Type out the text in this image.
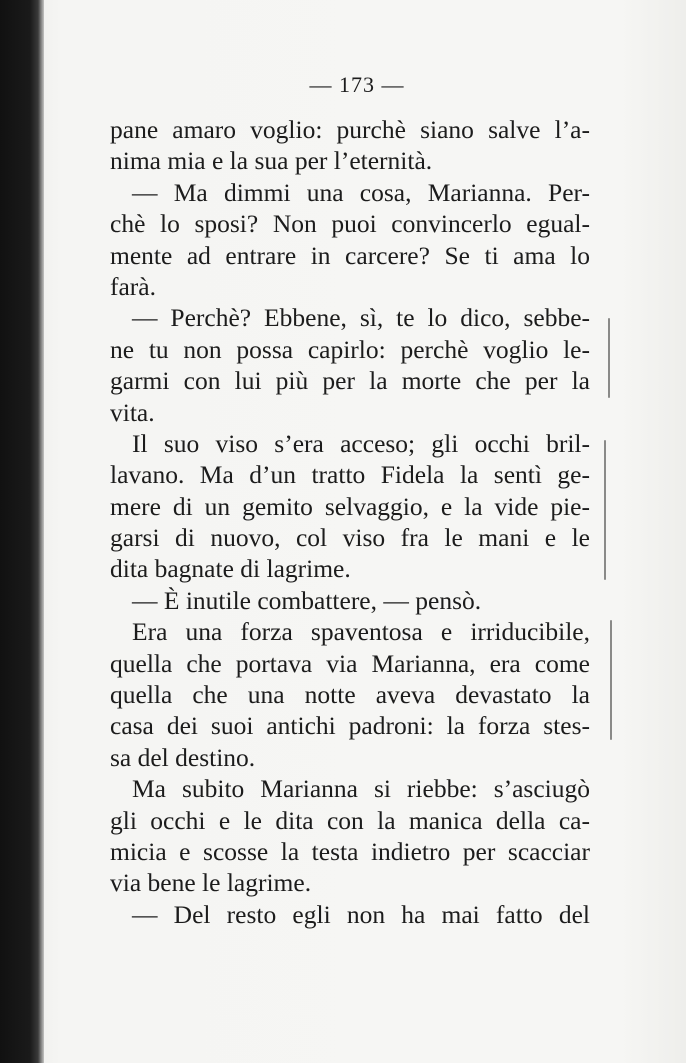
— 173 —
pane amaro voglio: purchè siano salve l’a-
nima mia e la sua per l’eternità.
— Ma dimmi una cosa, Marianna. Per-
chè lo sposi? Non puoi convincerlo egual-
mente ad entrare in carcere? Se ti ama lo
farà.
— Perchè? Ebbene, sì, te lo dico, sebbe-
ne tu non possa capirlo: perchè voglio le-
garmi con lui più per la morte che per la
vita.
Il suo viso s’era acceso; gli occhi bril-
lavano. Ma d’un tratto Fidela la sentì ge-
mere di un gemito selvaggio, e la vide pie-
garsi di nuovo, col viso fra le mani e le
dita bagnate di lagrime.
— È inutile combattere, — pensò.
Era una forza spaventosa e irriducibile,
quella che portava via Marianna, era come
quella che una notte aveva devastato la
casa dei suoi antichi padroni: la forza stes-
sa del destino.
Ma subito Marianna si riebbe: s’asciugò
gli occhi e le dita con la manica della ca-
micia e scosse la testa indietro per scacciar
via bene le lagrime.
— Del resto egli non ha mai fatto del
